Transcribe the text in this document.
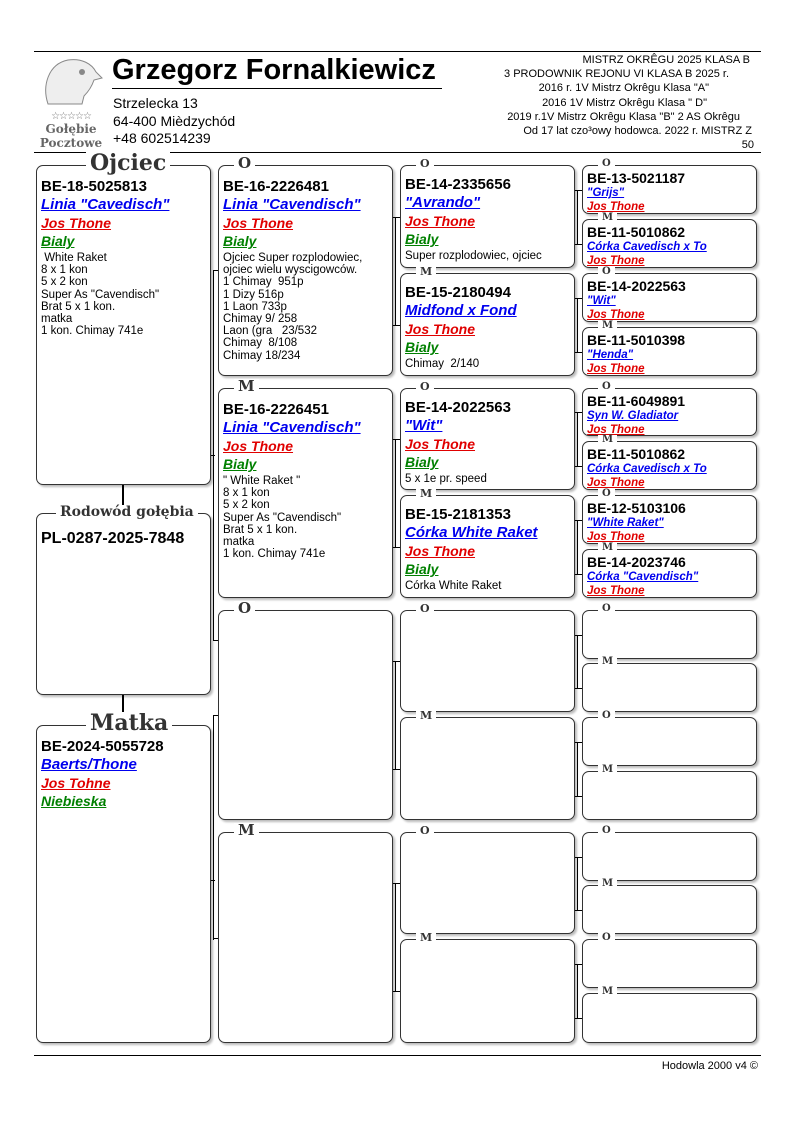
☆☆☆☆☆
Gołębie
Pocztowe
Grzegorz Fornalkiewicz
Strzelecka 13
64-400 Mièdzychód
+48 602514239
MISTRZ OKRÊGU 2025 KLASA B
3 PRODOWNIK REJONU VI KLASA B 2025 r.
2016 r. 1V Mistrz Okrêgu Klasa "A"
2016 1V Mistrz Okrêgu Klasa " D"
2019 r.1V Mistrz Okrêgu Klasa "B" 2 AS Okrêgu
Od 17 lat czo³owy hodowca. 2022 r. MISTRZ Z
50
Hodowla 2000 v4 ©
BE-18-5025813
Linia "Cavedisch"
Jos Thone
Bialy
White Raket
8 x 1 kon
5 x 2 kon
Super As "Cavendisch"
Brat 5 x 1 kon.
matka
1 kon. Chimay 741e
Ojciec
PL-0287-2025-7848
Rodowód gołębia
BE-2024-5055728
Baerts/Thone
Jos Tohne
Niebieska
Matka
BE-16-2226481
Linia "Cavendisch"
Jos Thone
Bialy
Ojciec Super rozplodowiec,
ojciec wielu wyscigowców.
1 Chimay  951p
1 Dizy 516p
1 Laon 733p
Chimay 9/ 258
Laon (gra   23/532
Chimay  8/108
Chimay 18/234
O
BE-16-2226451
Linia "Cavendisch"
Jos Thone
Bialy
" White Raket "
8 x 1 kon
5 x 2 kon
Super As "Cavendisch"
Brat 5 x 1 kon.
matka
1 kon. Chimay 741e
M
O
M
BE-14-2335656
"Avrando"
Jos Thone
Bialy
Super rozplodowiec, ojciec
O
BE-15-2180494
Midfond x Fond
Jos Thone
Bialy
Chimay  2/140
M
BE-14-2022563
"Wit"
Jos Thone
Bialy
5 x 1e pr. speed
O
BE-15-2181353
Córka White Raket
Jos Thone
Bialy
Córka White Raket
M
O
M
O
M
BE-13-5021187
"Grijs"
Jos Thone
O
BE-11-5010862
Córka Cavedisch x To
Jos Thone
M
BE-14-2022563
"Wit"
Jos Thone
O
BE-11-5010398
"Henda"
Jos Thone
M
BE-11-6049891
Syn W. Gladiator
Jos Thone
O
BE-11-5010862
Córka Cavedisch x To
Jos Thone
M
BE-12-5103106
"White Raket"
Jos Thone
O
BE-14-2023746
Córka "Cavendisch"
Jos Thone
M
O
M
O
M
O
M
O
M
